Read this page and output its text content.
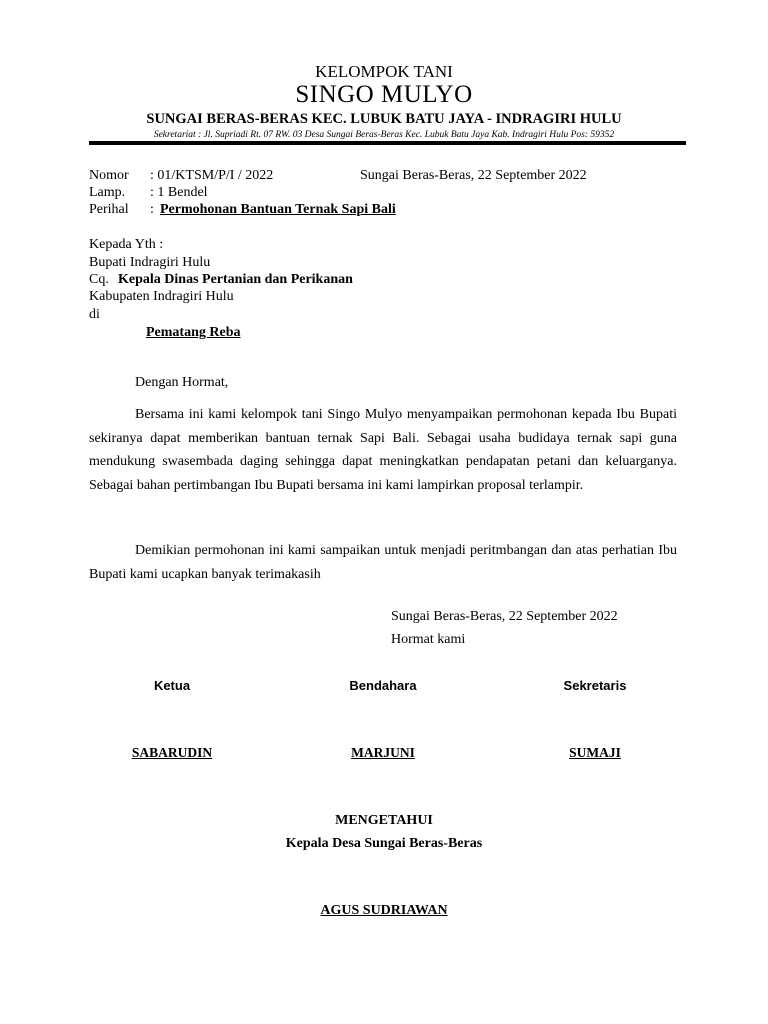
KELOMPOK TANI
SINGO MULYO
SUNGAI BERAS-BERAS KEC. LUBUK BATU JAYA - INDRAGIRI HULU
Sekretariat : Jl. Supriadi Rt. 07 RW. 03 Desa Sungai Beras-Beras Kec. Lubuk Batu Jaya Kab. Indragiri Hulu Pos: 59352
Nomor : 01/KTSM/P/I / 2022	Sungai Beras-Beras, 22 September 2022
Lamp. : 1 Bendel
Perihal : Permohonan Bantuan Ternak Sapi Bali
Kepada Yth :
Bupati Indragiri Hulu
Cq. Kepala Dinas Pertanian dan Perikanan
Kabupaten Indragiri Hulu
di
Pematang Reba
Dengan Hormat,
Bersama ini kami kelompok tani Singo Mulyo menyampaikan permohonan kepada Ibu Bupati sekiranya dapat memberikan bantuan ternak Sapi Bali. Sebagai usaha budidaya ternak sapi guna mendukung swasembada daging sehingga dapat meningkatkan pendapatan petani dan keluarganya. Sebagai bahan pertimbangan Ibu Bupati bersama ini kami lampirkan proposal terlampir.
Demikian permohonan ini kami sampaikan untuk menjadi peritmbangan dan atas perhatian Ibu Bupati kami ucapkan banyak terimakasih
Sungai Beras-Beras, 22 September 2022
Hormat kami
Ketua	Bendahara	Sekretaris
SABARUDIN	MARJUNI	SUMAJI
MENGETAHUI
Kepala Desa Sungai Beras-Beras
AGUS SUDRIAWAN
